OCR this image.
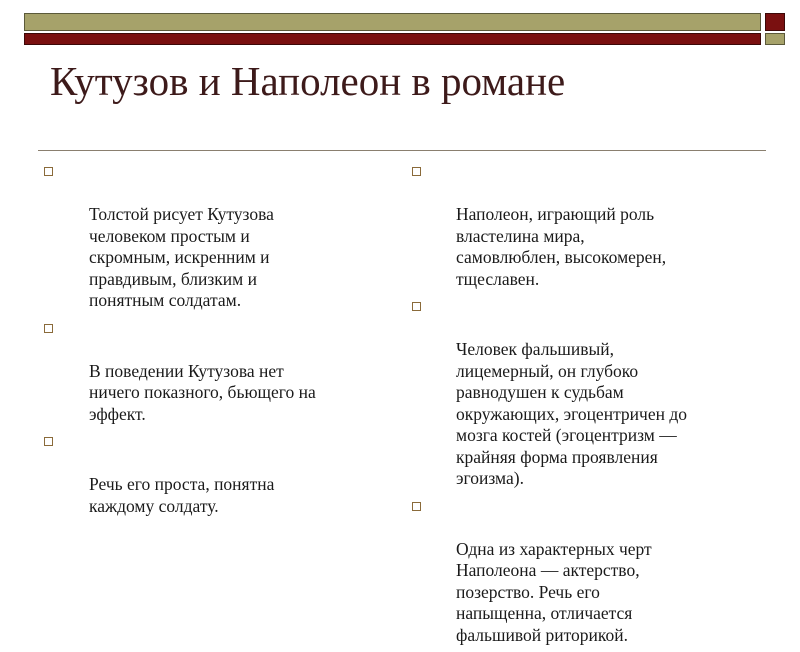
Кутузов и Наполеон в романе

Толстой рисует Кутузова
человеком простым и
скромным, искренним и
правдивым, близким и
понятным солдатам.

В поведении Кутузова нет
ничего показного, бьющего на
эффект.

Речь его проста, понятна
каждому солдату.

Наполеон, играющий роль
властелина мира,
самовлюблен, высокомерен,
тщеславен.

Человек фальшивый,
лицемерный, он глубоко
равнодушен к судьбам
окружающих, эгоцентричен до
мозга костей (эгоцентризм —
крайняя форма проявления
эгоизма).

Одна из характерных черт
Наполеона — актерство,
позерство. Речь его
напыщенна, отличается
фальшивой риторикой.
